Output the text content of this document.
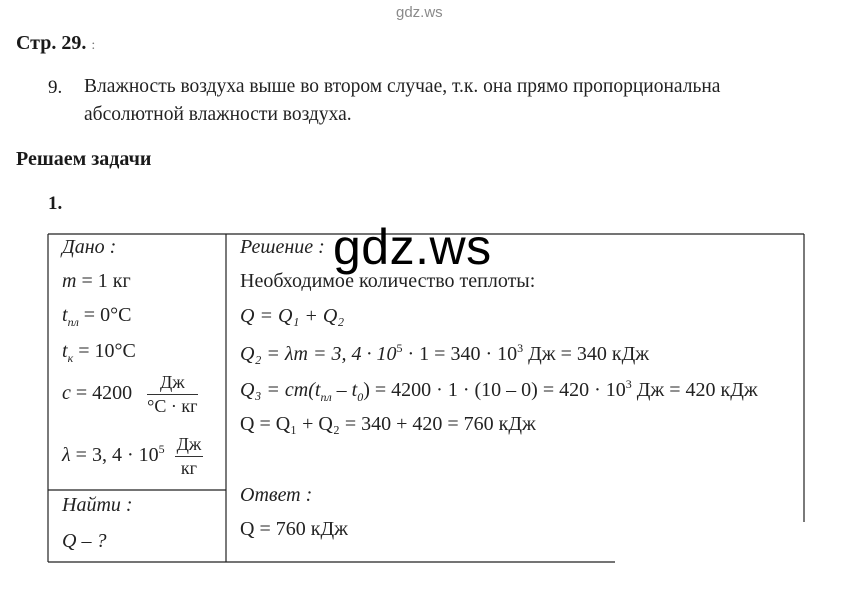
gdz.ws
Стр. 29. :
9. Влажность воздуха выше во втором случае, т.к. она прямо пропорциональна
абсолютной влажности воздуха.
Решаем задачи
1.
Дано :
m = 1 кг
$t_{пл} = 0^\circ C$
$t_к = 10^\circ C$
$c = 4200 \frac{Дж}{^\circ C \cdot кг}$
λ = 3, $4 \cdot 10^5 \frac{Дж}{кг}$
Найти :
Q – ?
Решение :
Необходимое количество теплоты:
Q = Q₁ + Q₂
Q₂ = λm = 3, $4 \cdot 10^5 \cdot 1 = 340 \cdot 10^3$ Дж = 340 кДж
$Q_3 = cm(t_{пл} - t_0) = 4200 \cdot 1 \cdot (10 - 0) = 420 \cdot 10^3$ Дж = 420 кДж
Q = Q₁ + Q₂ = 340 + 420 = 760 кДж
Ответ :
Q = 760 кДж
gdz.ws
